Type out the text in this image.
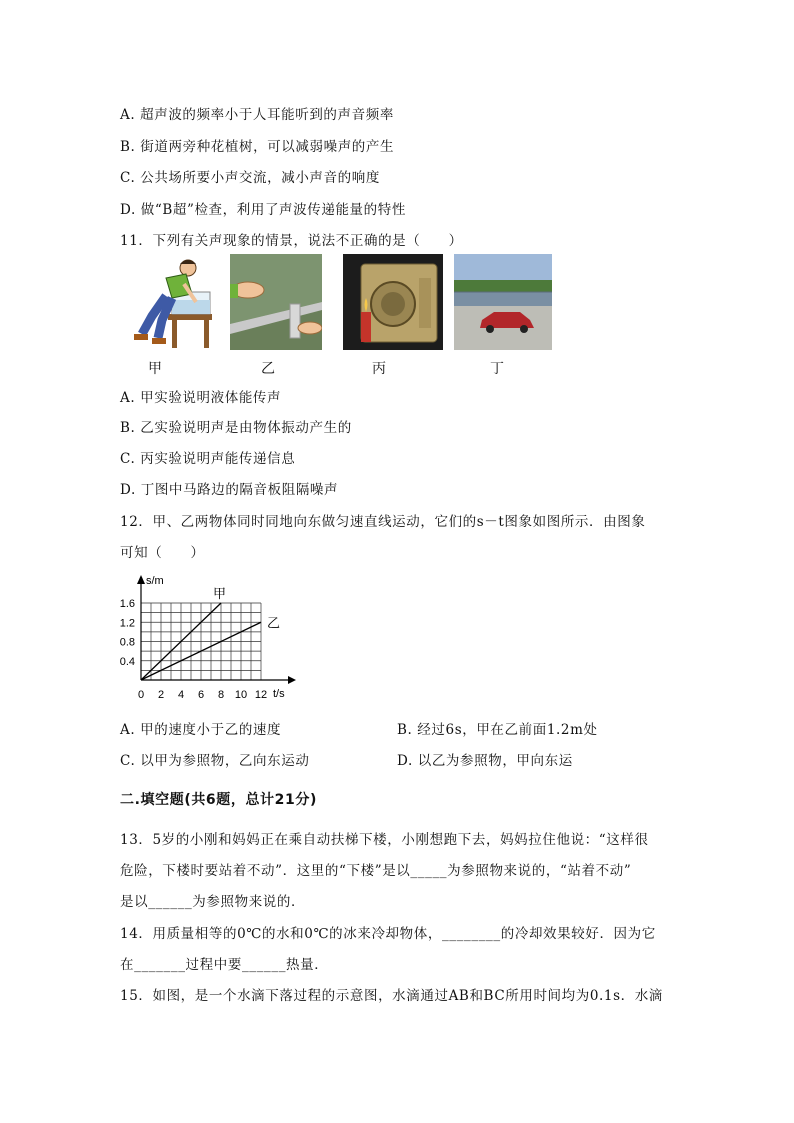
A. 超声波的频率小于人耳能听到的声音频率
B. 街道两旁种花植树，可以减弱噪声的产生
C. 公共场所要小声交流，减小声音的响度
D. 做“B超”检查，利用了声波传递能量的特性
11．下列有关声现象的情景，说法不正确的是（　　）
甲	乙	丙	丁
A. 甲实验说明液体能传声
B. 乙实验说明声是由物体振动产生的
C. 丙实验说明声能传递信息
D. 丁图中马路边的隔音板阻隔噪声
12．甲、乙两物体同时同地向东做匀速直线运动，它们的s－t图象如图所示．由图象
可知（　　）
0 2 4 6 8 10 12
0.4
0.8
1.2
1.6
甲
乙
s/m
t/s
A. 甲的速度小于乙的速度	B. 经过6s，甲在乙前面1.2m处
C. 以甲为参照物，乙向东运动	D. 以乙为参照物，甲向东运
二.填空题(共6题，总计21分)
13．5岁的小刚和妈妈正在乘自动扶梯下楼，小刚想跑下去，妈妈拉住他说：“这样很
危险，下楼时要站着不动”．这里的“下楼”是以_____为参照物来说的，“站着不动”
是以______为参照物来说的．
14．用质量相等的0℃的水和0℃的冰来冷却物体，________的冷却效果较好．因为它
在_______过程中要______热量．
15．如图，是一个水滴下落过程的示意图，水滴通过AB和BC所用时间均为0.1s．水滴
